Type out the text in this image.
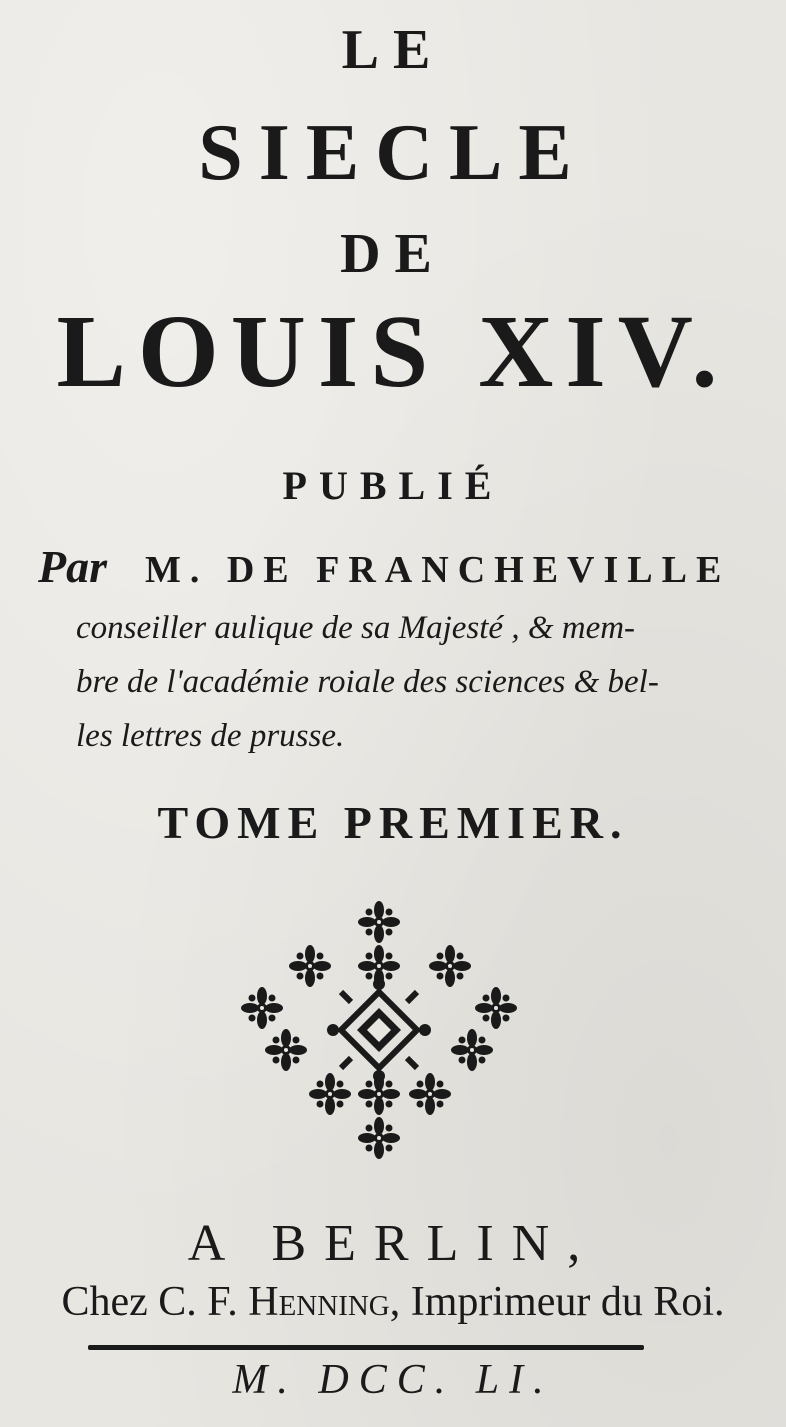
LE
SIECLE
DE
LOUIS XIV.
PUBLIÉ
Par M. DE FRANCHEVILLE
conseiller aulique de sa Majesté , & mem-
bre de l'académie roiale des sciences & bel-
les lettres de prusse.
TOME PREMIER.
A BERLIN,
Chez C. F. Henning, Imprimeur du Roi.
M. DCC. LI.
